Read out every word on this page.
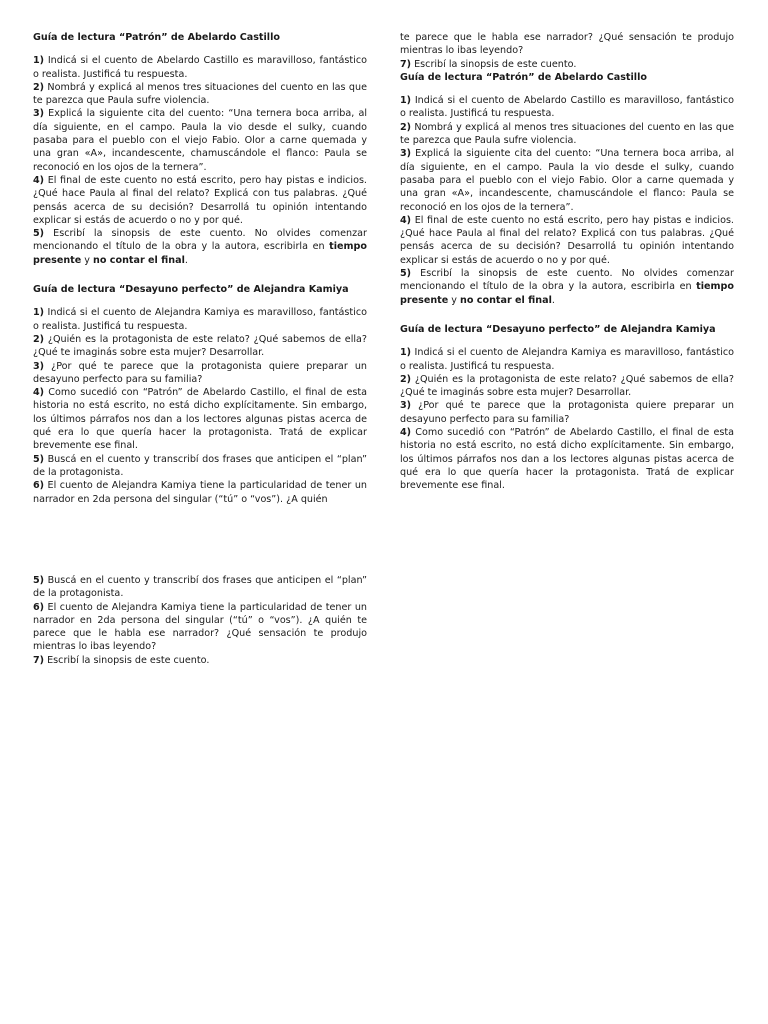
Guía de lectura “Patrón” de Abelardo Castillo

1) Indicá si el cuento de Abelardo Castillo es maravilloso, fantástico o realista. Justificá tu respuesta.

2) Nombrá y explicá al menos tres situaciones del cuento en las que te parezca que Paula sufre violencia.

3) Explicá la siguiente cita del cuento: “Una ternera boca arriba, al día siguiente, en el campo. Paula la vio desde el sulky, cuando pasaba para el pueblo con el viejo Fabio. Olor a carne quemada y una gran «A», incandescente, chamuscándole el flanco: Paula se reconoció en los ojos de la ternera”.

4) El final de este cuento no está escrito, pero hay pistas e indicios. ¿Qué hace Paula al final del relato? Explicá con tus palabras. ¿Qué pensás acerca de su decisión? Desarrollá tu opinión intentando explicar si estás de acuerdo o no y por qué.

5) Escribí la sinopsis de este cuento. No olvides comenzar mencionando el título de la obra y la autora, escribirla en tiempo presente y no contar el final.

Guía de lectura “Desayuno perfecto” de Alejandra Kamiya

1) Indicá si el cuento de Alejandra Kamiya es maravilloso, fantástico o realista. Justificá tu respuesta.

2) ¿Quién es la protagonista de este relato? ¿Qué sabemos de ella? ¿Qué te imaginás sobre esta mujer? Desarrollar.

3) ¿Por qué te parece que la protagonista quiere preparar un desayuno perfecto para su familia?

4) Como sucedió con “Patrón” de Abelardo Castillo, el final de esta historia no está escrito, no está dicho explícitamente. Sin embargo, los últimos párrafos nos dan a los lectores algunas pistas acerca de qué era lo que quería hacer la protagonista. Tratá de explicar brevemente ese final.

5) Buscá en el cuento y transcribí dos frases que anticipen el “plan” de la protagonista.

6) El cuento de Alejandra Kamiya tiene la particularidad de tener un narrador en 2da persona del singular (“tú” o “vos”). ¿A quién

5) Buscá en el cuento y transcribí dos frases que anticipen el “plan” de la protagonista.

6) El cuento de Alejandra Kamiya tiene la particularidad de tener un narrador en 2da persona del singular (“tú” o “vos”). ¿A quién te parece que le habla ese narrador? ¿Qué sensación te produjo mientras lo ibas leyendo?

7) Escribí la sinopsis de este cuento.

te parece que le habla ese narrador? ¿Qué sensación te produjo mientras lo ibas leyendo?

7) Escribí la sinopsis de este cuento.

Guía de lectura “Patrón” de Abelardo Castillo

1) Indicá si el cuento de Abelardo Castillo es maravilloso, fantástico o realista. Justificá tu respuesta.

2) Nombrá y explicá al menos tres situaciones del cuento en las que te parezca que Paula sufre violencia.

3) Explicá la siguiente cita del cuento: “Una ternera boca arriba, al día siguiente, en el campo. Paula la vio desde el sulky, cuando pasaba para el pueblo con el viejo Fabio. Olor a carne quemada y una gran «A», incandescente, chamuscándole el flanco: Paula se reconoció en los ojos de la ternera”.

4) El final de este cuento no está escrito, pero hay pistas e indicios. ¿Qué hace Paula al final del relato? Explicá con tus palabras. ¿Qué pensás acerca de su decisión? Desarrollá tu opinión intentando explicar si estás de acuerdo o no y por qué.

5) Escribí la sinopsis de este cuento. No olvides comenzar mencionando el título de la obra y la autora, escribirla en tiempo presente y no contar el final.

Guía de lectura “Desayuno perfecto” de Alejandra Kamiya

1) Indicá si el cuento de Alejandra Kamiya es maravilloso, fantástico o realista. Justificá tu respuesta.

2) ¿Quién es la protagonista de este relato? ¿Qué sabemos de ella? ¿Qué te imaginás sobre esta mujer? Desarrollar.

3) ¿Por qué te parece que la protagonista quiere preparar un desayuno perfecto para su familia?

4) Como sucedió con “Patrón” de Abelardo Castillo, el final de esta historia no está escrito, no está dicho explícitamente. Sin embargo, los últimos párrafos nos dan a los lectores algunas pistas acerca de qué era lo que quería hacer la protagonista. Tratá de explicar brevemente ese final.
